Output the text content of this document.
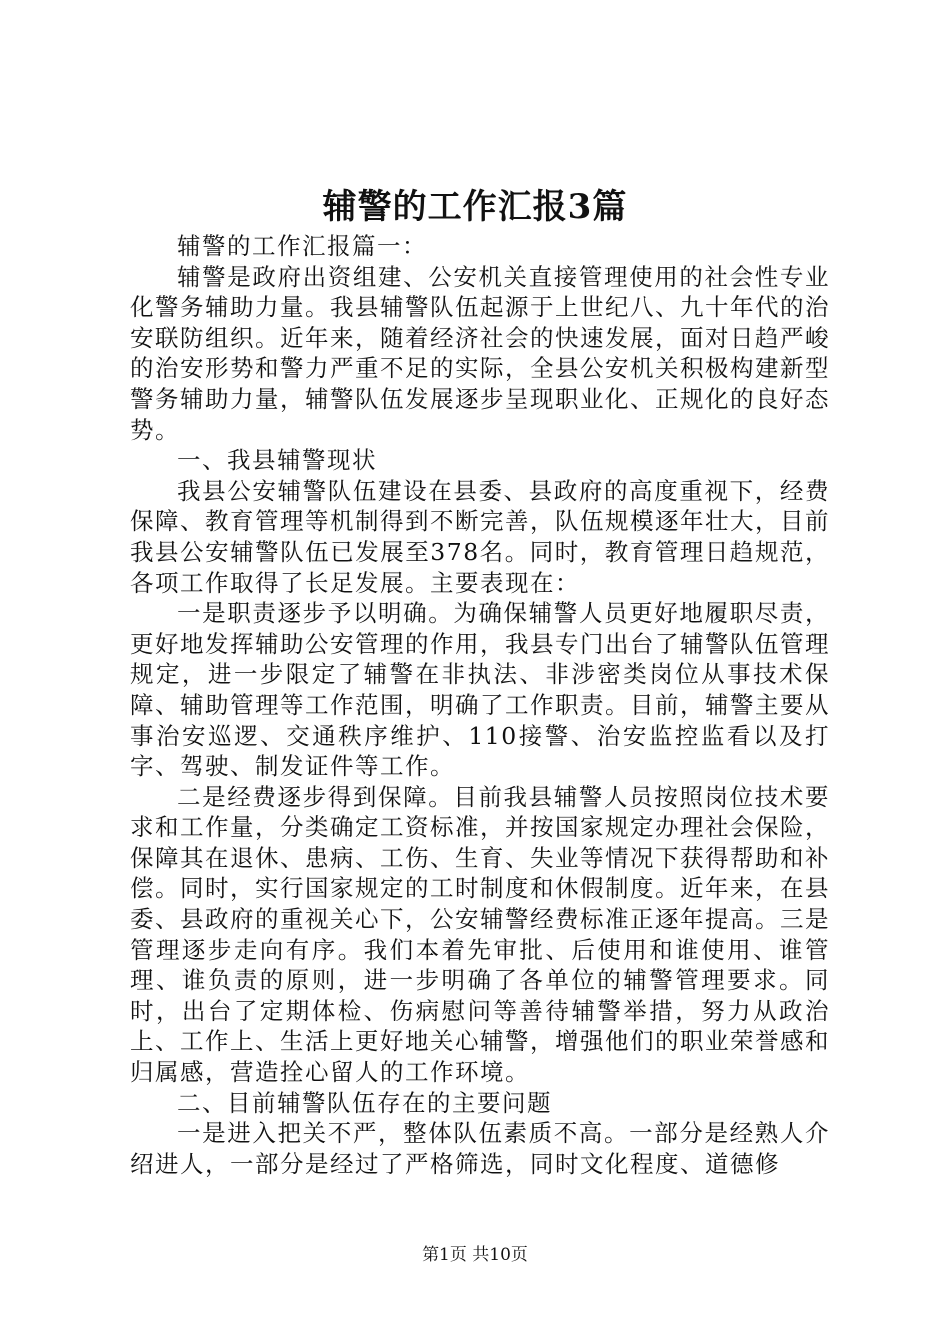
辅警的工作汇报3篇

辅警的工作汇报篇一：

辅警是政府出资组建、公安机关直接管理使用的社会性专业化警务辅助力量。我县辅警队伍起源于上世纪八、九十年代的治安联防组织。近年来，随着经济社会的快速发展，面对日趋严峻的治安形势和警力严重不足的实际，全县公安机关积极构建新型警务辅助力量，辅警队伍发展逐步呈现职业化、正规化的良好态势。

一、我县辅警现状

我县公安辅警队伍建设在县委、县政府的高度重视下，经费保障、教育管理等机制得到不断完善，队伍规模逐年壮大，目前我县公安辅警队伍已发展至378名。同时，教育管理日趋规范，各项工作取得了长足发展。主要表现在：

一是职责逐步予以明确。为确保辅警人员更好地履职尽责，更好地发挥辅助公安管理的作用，我县专门出台了辅警队伍管理规定，进一步限定了辅警在非执法、非涉密类岗位从事技术保障、辅助管理等工作范围，明确了工作职责。目前，辅警主要从事治安巡逻、交通秩序维护、110接警、治安监控监看以及打字、驾驶、制发证件等工作。

二是经费逐步得到保障。目前我县辅警人员按照岗位技术要求和工作量，分类确定工资标准，并按国家规定办理社会保险，保障其在退休、患病、工伤、生育、失业等情况下获得帮助和补偿。同时，实行国家规定的工时制度和休假制度。近年来，在县委、县政府的重视关心下，公安辅警经费标准正逐年提高。三是管理逐步走向有序。我们本着先审批、后使用和谁使用、谁管理、谁负责的原则，进一步明确了各单位的辅警管理要求。同时，出台了定期体检、伤病慰问等善待辅警举措，努力从政治上、工作上、生活上更好地关心辅警，增强他们的职业荣誉感和归属感，营造拴心留人的工作环境。

二、目前辅警队伍存在的主要问题

一是进入把关不严，整体队伍素质不高。一部分是经熟人介绍进人，一部分是经过了严格筛选，同时文化程度、道德修

第1页 共10页
